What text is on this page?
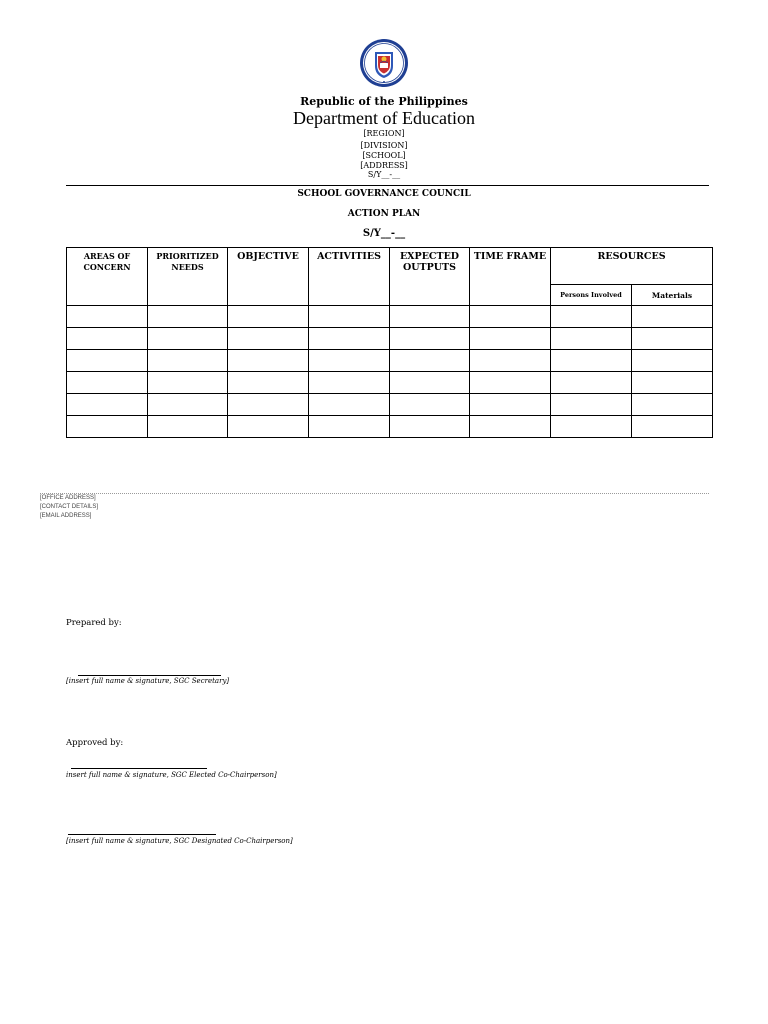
Republic of the Philippines
Department of Education
[REGION]
[DIVISION]
[SCHOOL]
[ADDRESS]
S/Y__-__
SCHOOL GOVERNANCE COUNCIL
ACTION PLAN
S/Y__-__
AREAS OF CONCERN	PRIORITIZED NEEDS	OBJECTIVE	ACTIVITIES	EXPECTED OUTPUTS	TIME FRAME	RESOURCES	
						Persons Involved	Materials

[OFFICE ADDRESS]
[CONTACT DETAILS]
[EMAIL ADDRESS]
Prepared by:
[insert full name & signature, SGC Secretary]
Approved by:
insert full name & signature, SGC Elected Co-Chairperson]
[insert full name & signature, SGC Designated Co-Chairperson]
